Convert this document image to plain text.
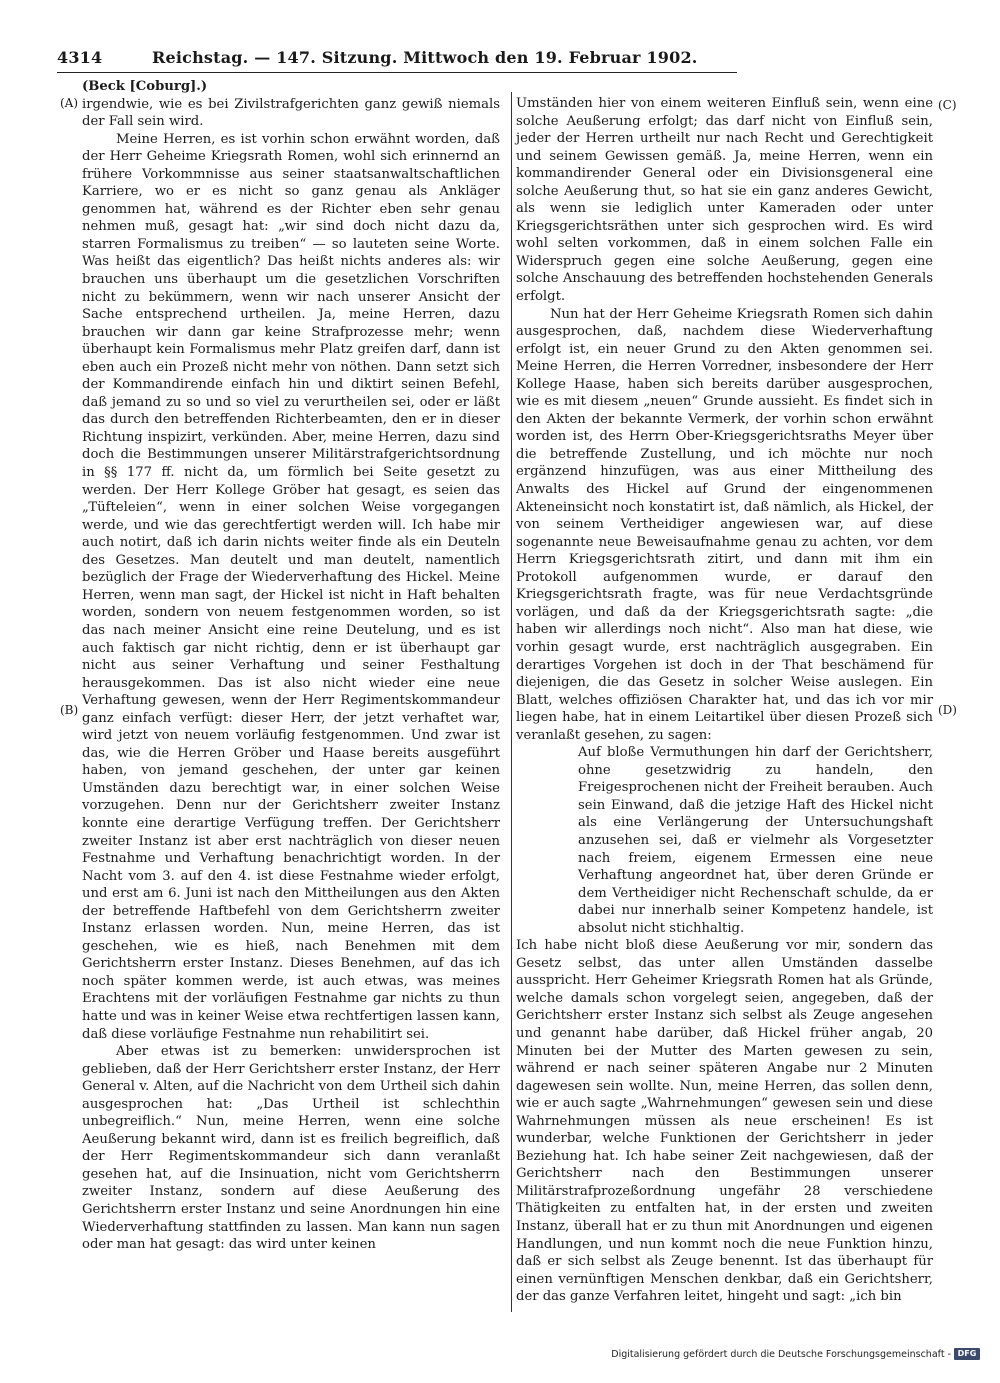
4314	Reichstag. — 147. Sitzung. Mittwoch den 19. Februar 1902.
(A)
(B)
(C)
(D)

(Beck [Coburg].)

irgendwie, wie es bei Zivilstrafgerichten ganz gewiß niemals der Fall sein wird.

Meine Herren, es ist vorhin schon erwähnt worden, daß der Herr Geheime Kriegsrath Romen, wohl sich erinnernd an frühere Vorkommnisse aus seiner staatsanwaltschaftlichen Karriere, wo er es nicht so ganz genau als Ankläger genommen hat, während es der Richter eben sehr genau nehmen muß, gesagt hat: „wir sind doch nicht dazu da, starren Formalismus zu treiben“ — so lauteten seine Worte. Was heißt das eigentlich? Das heißt nichts anderes als: wir brauchen uns überhaupt um die gesetzlichen Vorschriften nicht zu bekümmern, wenn wir nach unserer Ansicht der Sache entsprechend urtheilen. Ja, meine Herren, dazu brauchen wir dann gar keine Strafprozesse mehr; wenn überhaupt kein Formalismus mehr Platz greifen darf, dann ist eben auch ein Prozeß nicht mehr von nöthen. Dann setzt sich der Kommandirende einfach hin und diktirt seinen Befehl, daß jemand zu so und so viel zu verurtheilen sei, oder er läßt das durch den betreffenden Richterbeamten, den er in dieser Richtung inspizirt, verkünden. Aber, meine Herren, dazu sind doch die Bestimmungen unserer Militärstrafgerichtsordnung in §§ 177 ff. nicht da, um förmlich bei Seite gesetzt zu werden. Der Herr Kollege Gröber hat gesagt, es seien das „Tüfteleien“, wenn in einer solchen Weise vorgegangen werde, und wie das gerechtfertigt werden will. Ich habe mir auch notirt, daß ich darin nichts weiter finde als ein Deuteln des Gesetzes. Man deutelt und man deutelt, namentlich bezüglich der Frage der Wiederverhaftung des Hickel. Meine Herren, wenn man sagt, der Hickel ist nicht in Haft behalten worden, sondern von neuem festgenommen worden, so ist das nach meiner Ansicht eine reine Deutelung, und es ist auch faktisch gar nicht richtig, denn er ist überhaupt gar nicht aus seiner Verhaftung und seiner Festhaltung herausgekommen. Das ist also nicht wieder eine neue Verhaftung gewesen, wenn der Herr Regimentskommandeur ganz einfach verfügt: dieser Herr, der jetzt verhaftet war, wird jetzt von neuem vorläufig festgenommen. Und zwar ist das, wie die Herren Gröber und Haase bereits ausgeführt haben, von jemand geschehen, der unter gar keinen Umständen dazu berechtigt war, in einer solchen Weise vorzugehen. Denn nur der Gerichtsherr zweiter Instanz konnte eine derartige Verfügung treffen. Der Gerichtsherr zweiter Instanz ist aber erst nachträglich von dieser neuen Festnahme und Verhaftung benachrichtigt worden. In der Nacht vom 3. auf den 4. ist diese Festnahme wieder erfolgt, und erst am 6. Juni ist nach den Mittheilungen aus den Akten der betreffende Haftbefehl von dem Gerichtsherrn zweiter Instanz erlassen worden. Nun, meine Herren, das ist geschehen, wie es hieß, nach Benehmen mit dem Gerichtsherrn erster Instanz. Dieses Benehmen, auf das ich noch später kommen werde, ist auch etwas, was meines Erachtens mit der vorläufigen Festnahme gar nichts zu thun hatte und was in keiner Weise etwa rechtfertigen lassen kann, daß diese vorläufige Festnahme nun rehabilitirt sei.

Aber etwas ist zu bemerken: unwidersprochen ist geblieben, daß der Herr Gerichtsherr erster Instanz, der Herr General v. Alten, auf die Nachricht von dem Urtheil sich dahin ausgesprochen hat: „Das Urtheil ist schlechthin unbegreiflich.“ Nun, meine Herren, wenn eine solche Aeußerung bekannt wird, dann ist es freilich begreiflich, daß der Herr Regimentskommandeur sich dann veranlaßt gesehen hat, auf die Insinuation, nicht vom Gerichtsherrn zweiter Instanz, sondern auf diese Aeußerung des Gerichtsherrn erster Instanz und seine Anordnungen hin eine Wiederverhaftung stattfinden zu lassen. Man kann nun sagen oder man hat gesagt: das wird unter keinen

Umständen hier von einem weiteren Einfluß sein, wenn eine solche Aeußerung erfolgt; das darf nicht von Einfluß sein, jeder der Herren urtheilt nur nach Recht und Gerechtigkeit und seinem Gewissen gemäß. Ja, meine Herren, wenn ein kommandirender General oder ein Divisionsgeneral eine solche Aeußerung thut, so hat sie ein ganz anderes Gewicht, als wenn sie lediglich unter Kameraden oder unter Kriegsgerichtsräthen unter sich gesprochen wird. Es wird wohl selten vorkommen, daß in einem solchen Falle ein Widerspruch gegen eine solche Aeußerung, gegen eine solche Anschauung des betreffenden hochstehenden Generals erfolgt.

Nun hat der Herr Geheime Kriegsrath Romen sich dahin ausgesprochen, daß, nachdem diese Wiederverhaftung erfolgt ist, ein neuer Grund zu den Akten genommen sei. Meine Herren, die Herren Vorredner, insbesondere der Herr Kollege Haase, haben sich bereits darüber ausgesprochen, wie es mit diesem „neuen“ Grunde aussieht. Es findet sich in den Akten der bekannte Vermerk, der vorhin schon erwähnt worden ist, des Herrn Ober-Kriegsgerichtsraths Meyer über die betreffende Zustellung, und ich möchte nur noch ergänzend hinzufügen, was aus einer Mittheilung des Anwalts des Hickel auf Grund der eingenommenen Akteneinsicht noch konstatirt ist, daß nämlich, als Hickel, der von seinem Vertheidiger angewiesen war, auf diese sogenannte neue Beweisaufnahme genau zu achten, vor dem Herrn Kriegsgerichtsrath zitirt, und dann mit ihm ein Protokoll aufgenommen wurde, er darauf den Kriegsgerichtsrath fragte, was für neue Verdachtsgründe vorlägen, und daß da der Kriegsgerichtsrath sagte: „die haben wir allerdings noch nicht“. Also man hat diese, wie vorhin gesagt wurde, erst nachträglich ausgegraben. Ein derartiges Vorgehen ist doch in der That beschämend für diejenigen, die das Gesetz in solcher Weise auslegen. Ein Blatt, welches offiziösen Charakter hat, und das ich vor mir liegen habe, hat in einem Leitartikel über diesen Prozeß sich veranlaßt gesehen, zu sagen:

Auf bloße Vermuthungen hin darf der Gerichtsherr, ohne gesetzwidrig zu handeln, den Freigesprochenen nicht der Freiheit berauben. Auch sein Einwand, daß die jetzige Haft des Hickel nicht als eine Verlängerung der Untersuchungshaft anzusehen sei, daß er vielmehr als Vorgesetzter nach freiem, eigenem Ermessen eine neue Verhaftung angeordnet hat, über deren Gründe er dem Vertheidiger nicht Rechenschaft schulde, da er dabei nur innerhalb seiner Kompetenz handele, ist absolut nicht stichhaltig.

Ich habe nicht bloß diese Aeußerung vor mir, sondern das Gesetz selbst, das unter allen Umständen dasselbe ausspricht. Herr Geheimer Kriegsrath Romen hat als Gründe, welche damals schon vorgelegt seien, angegeben, daß der Gerichtsherr erster Instanz sich selbst als Zeuge angesehen und genannt habe darüber, daß Hickel früher angab, 20 Minuten bei der Mutter des Marten gewesen zu sein, während er nach seiner späteren Angabe nur 2 Minuten dagewesen sein wollte. Nun, meine Herren, das sollen denn, wie er auch sagte „Wahrnehmungen“ gewesen sein und diese Wahrnehmungen müssen als neue erscheinen! Es ist wunderbar, welche Funktionen der Gerichtsherr in jeder Beziehung hat. Ich habe seiner Zeit nachgewiesen, daß der Gerichtsherr nach den Bestimmungen unserer Militärstrafprozeßordnung ungefähr 28 verschiedene Thätigkeiten zu entfalten hat, in der ersten und zweiten Instanz, überall hat er zu thun mit Anordnungen und eigenen Handlungen, und nun kommt noch die neue Funktion hinzu, daß er sich selbst als Zeuge benennt. Ist das überhaupt für einen vernünftigen Menschen denkbar, daß ein Gerichtsherr, der das ganze Verfahren leitet, hingeht und sagt: „ich bin

Digitalisierung gefördert durch die Deutsche Forschungsgemeinschaft - DFG
